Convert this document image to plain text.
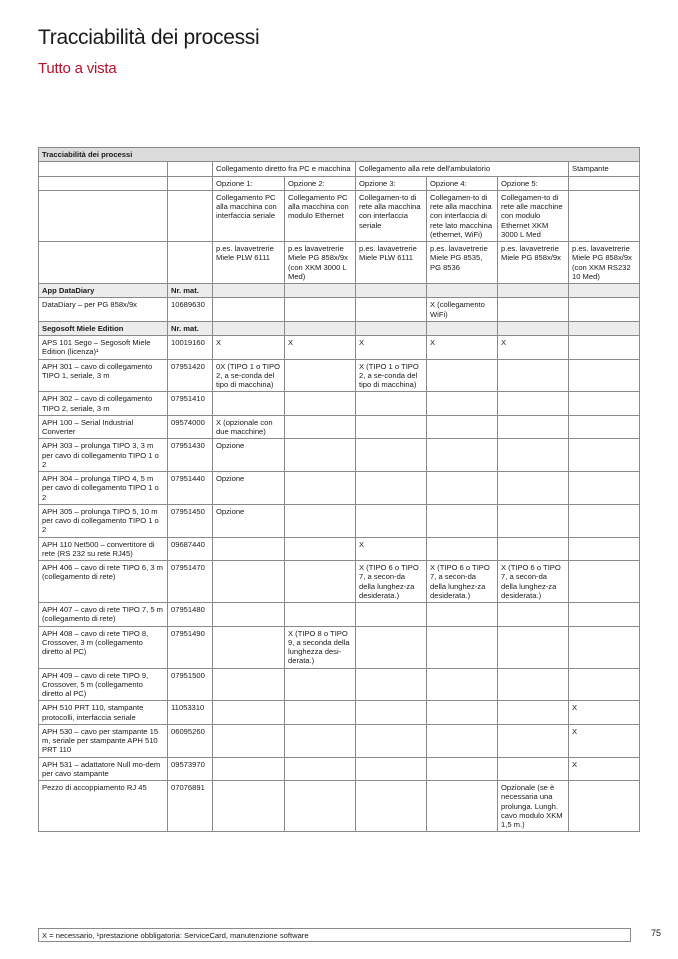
Tracciabilità dei processi
Tutto a vista
Tracciabilità dei processi							
		Collegamento diretto fra PC e macchina		Collegamento alla rete dell'ambulatorio			Stampante
		Opzione 1:	Opzione 2:	Opzione 3:	Opzione 4:	Opzione 5:	
		Collegamento PC alla macchina con interfaccia seriale	Collegamento PC alla macchina con modulo Ethernet	Collegamen-to di rete alla macchina con interfaccia seriale	Collegamen-to di rete alla macchina con interfaccia di rete lato macchina (ethernet, WiFi)	Collegamen-to di rete alle macchine con modulo Ethernet XKM 3000 L Med	
		p.es. lavavetrerie Miele PLW 6111	p.es lavavetrerie Miele PG 858x/9x (con XKM 3000 L Med)	p.es. lavavetrerie Miele PLW 6111	p.es. lavavetrerie Miele PG 8535, PG 8536	p.es. lavavetrerie Miele PG 858x/9x	p.es. lavavetrerie Miele PG 858x/9x (con XKM RS232 10 Med)
App DataDiary	Nr. mat.						
DataDiary – per PG 858x/9x	10689630				X (collegamento WiFi)		
Segosoft Miele Edition	Nr. mat.						
APS 101 Sego – Segosoft Miele Edition (licenza)¹	10019160	X	X	X	X	X	
APH 301 – cavo di collegamento TIPO 1, seriale, 3 m	07951420	0X (TIPO 1 o TIPO 2, a se-conda del tipo di macchina)		X (TIPO 1 o TIPO 2, a se-conda del tipo di macchina)			
APH 302 – cavo di collegamento TIPO 2, seriale, 3 m	07951410						
APH 100 – Serial Industrial Converter	09574000	X (opzionale con due macchine)					
APH 303 – prolunga TIPO 3, 3 m per cavo di collegamento TIPO 1 o 2	07951430	Opzione					
APH 304 – prolunga TIPO 4, 5 m per cavo di collegamento TIPO 1 o 2	07951440	Opzione					
APH 305 – prolunga TIPO 5, 10 m per cavo di collegamento TIPO 1 o 2	07951450	Opzione					
APH 110 Net500 – convertitore di rete (RS 232 su rete RJ45)	09687440			X			
APH 406 – cavo di rete TIPO 6, 3 m (collegamento di rete)	07951470			X (TIPO 6 o TIPO 7, a secon-da della lunghez-za desiderata.)	X (TIPO 6 o TIPO 7, a secon-da della lunghez-za desiderata.)	X (TIPO 6 o TIPO 7, a secon-da della lunghez-za desiderata.)	
APH 407 – cavo di rete TIPO 7, 5 m (collegamento di rete)	07951480						
APH 408 – cavo di rete TIPO 8, Crossover, 3 m (collegamento diretto al PC)	07951490		X (TIPO 8 o TIPO 9, a seconda della lunghezza desi-derata.)				
APH 409 – cavo di rete TIPO 9, Crossover, 5 m (collegamento diretto al PC)	07951500						
APH 510 PRT 110, stampante protocolli, interfaccia seriale	11053310						X
APH 530 – cavo per stampante 15 m, seriale per stampante APH 510 PRT 110	06095260						X
APH 531 – adattatore Null mo-dem per cavo stampante	09573970						X
Pezzo di accoppiamento RJ 45	07076891					Opzionale (se è necessaria una prolunga. Lungh. cavo modulo XKM 1,5 m.)	
X = necessario, ¹prestazione obbligatoria: ServiceCard, manutenzione software	75
